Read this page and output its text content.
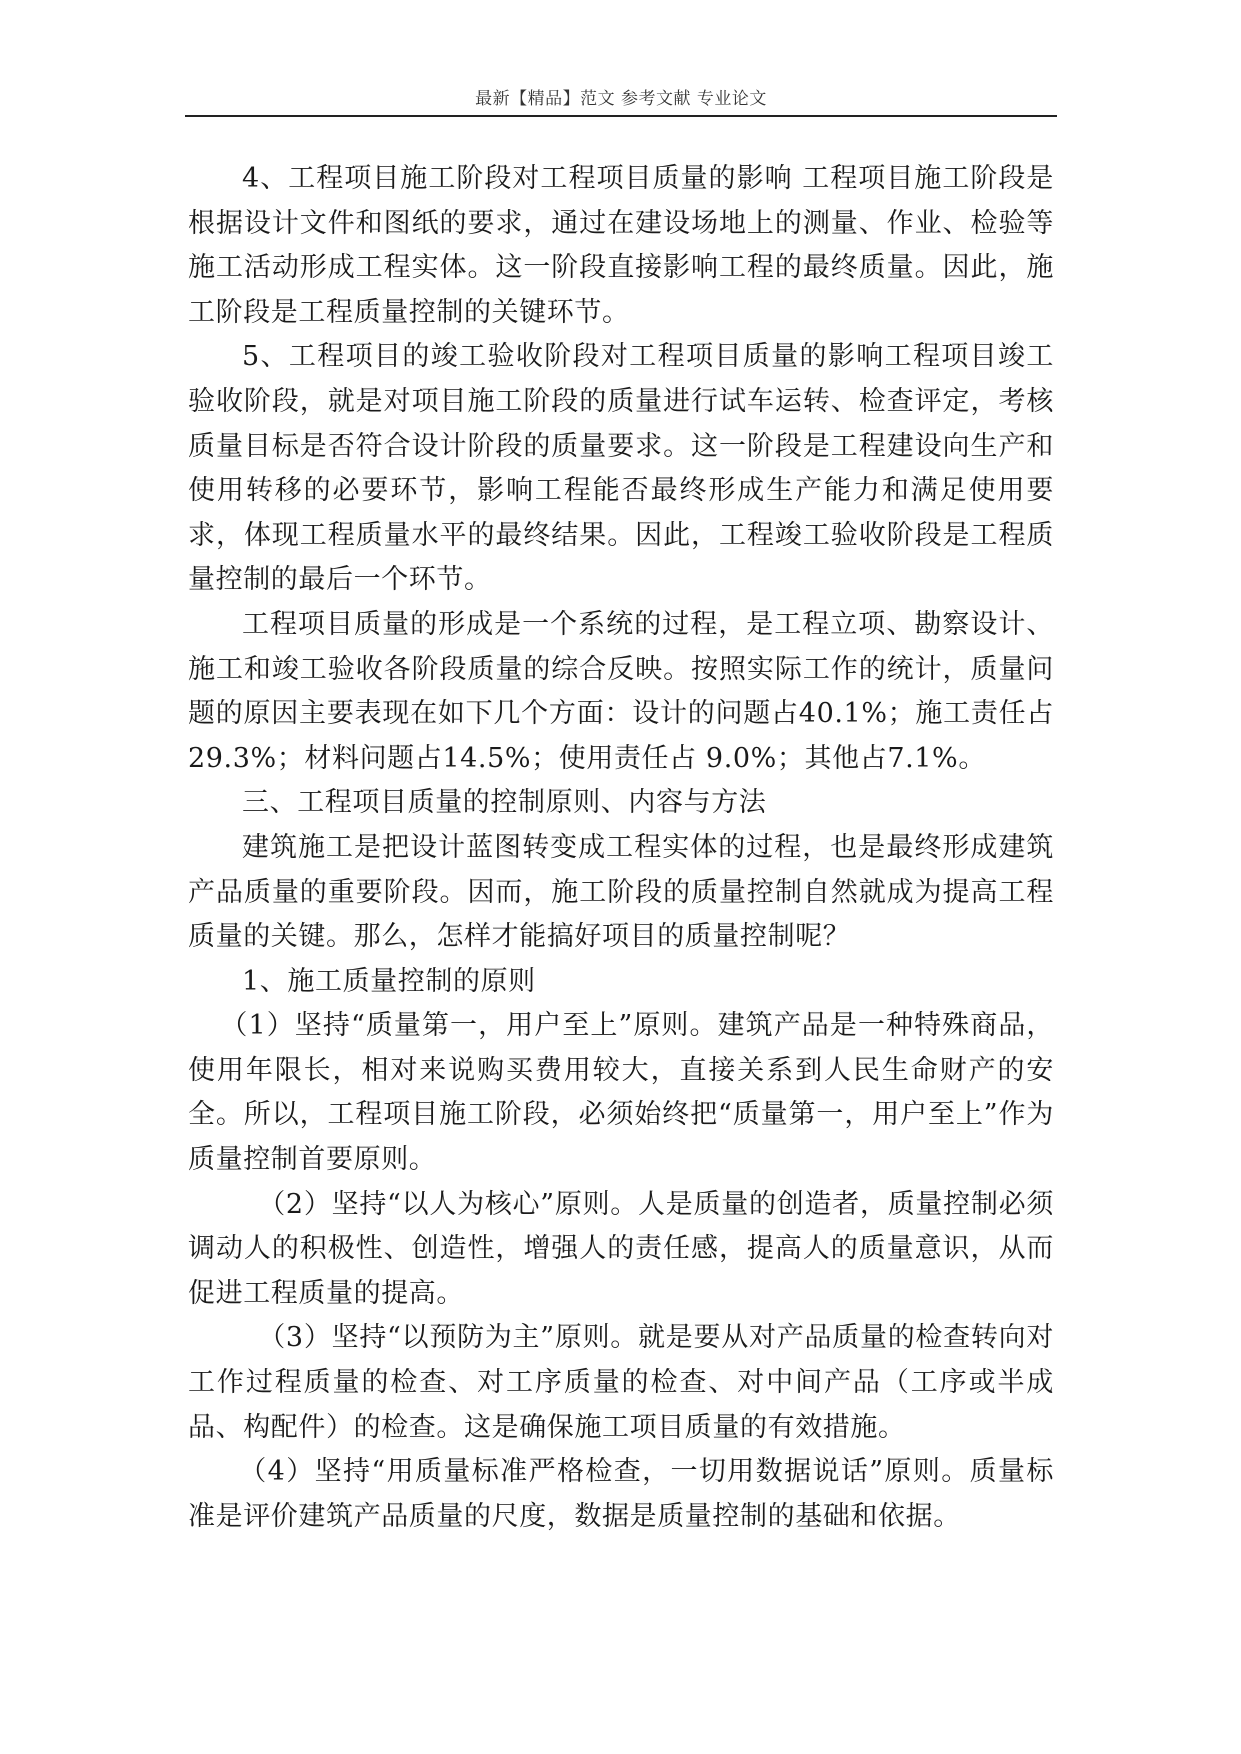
最新【精品】范文 参考文献 专业论文

4、工程项目施工阶段对工程项目质量的影响 工程项目施工阶段是根据设计文件和图纸的要求，通过在建设场地上的测量、作业、检验等施工活动形成工程实体。这一阶段直接影响工程的最终质量。因此，施工阶段是工程质量控制的关键环节。

5、工程项目的竣工验收阶段对工程项目质量的影响工程项目竣工验收阶段，就是对项目施工阶段的质量进行试车运转、检查评定，考核质量目标是否符合设计阶段的质量要求。这一阶段是工程建设向生产和使用转移的必要环节，影响工程能否最终形成生产能力和满足使用要求，体现工程质量水平的最终结果。因此，工程竣工验收阶段是工程质量控制的最后一个环节。

工程项目质量的形成是一个系统的过程，是工程立项、勘察设计、施工和竣工验收各阶段质量的综合反映。按照实际工作的统计，质量问题的原因主要表现在如下几个方面：设计的问题占40.1%；施工责任占29.3%；材料问题占14.5%；使用责任占 9.0%；其他占7.1%。

三、工程项目质量的控制原则、内容与方法

建筑施工是把设计蓝图转变成工程实体的过程，也是最终形成建筑产品质量的重要阶段。因而，施工阶段的质量控制自然就成为提高工程质量的关键。那么，怎样才能搞好项目的质量控制呢？

1、施工质量控制的原则

（1）坚持“质量第一，用户至上”原则。建筑产品是一种特殊商品，使用年限长，相对来说购买费用较大，直接关系到人民生命财产的安全。所以，工程项目施工阶段，必须始终把“质量第一，用户至上”作为质量控制首要原则。

（2）坚持“以人为核心”原则。人是质量的创造者，质量控制必须调动人的积极性、创造性，增强人的责任感，提高人的质量意识，从而促进工程质量的提高。

（3）坚持“以预防为主”原则。就是要从对产品质量的检查转向对工作过程质量的检查、对工序质量的检查、对中间产品（工序或半成品、构配件）的检查。这是确保施工项目质量的有效措施。

（4）坚持“用质量标准严格检查，一切用数据说话”原则。质量标准是评价建筑产品质量的尺度，数据是质量控制的基础和依据。
